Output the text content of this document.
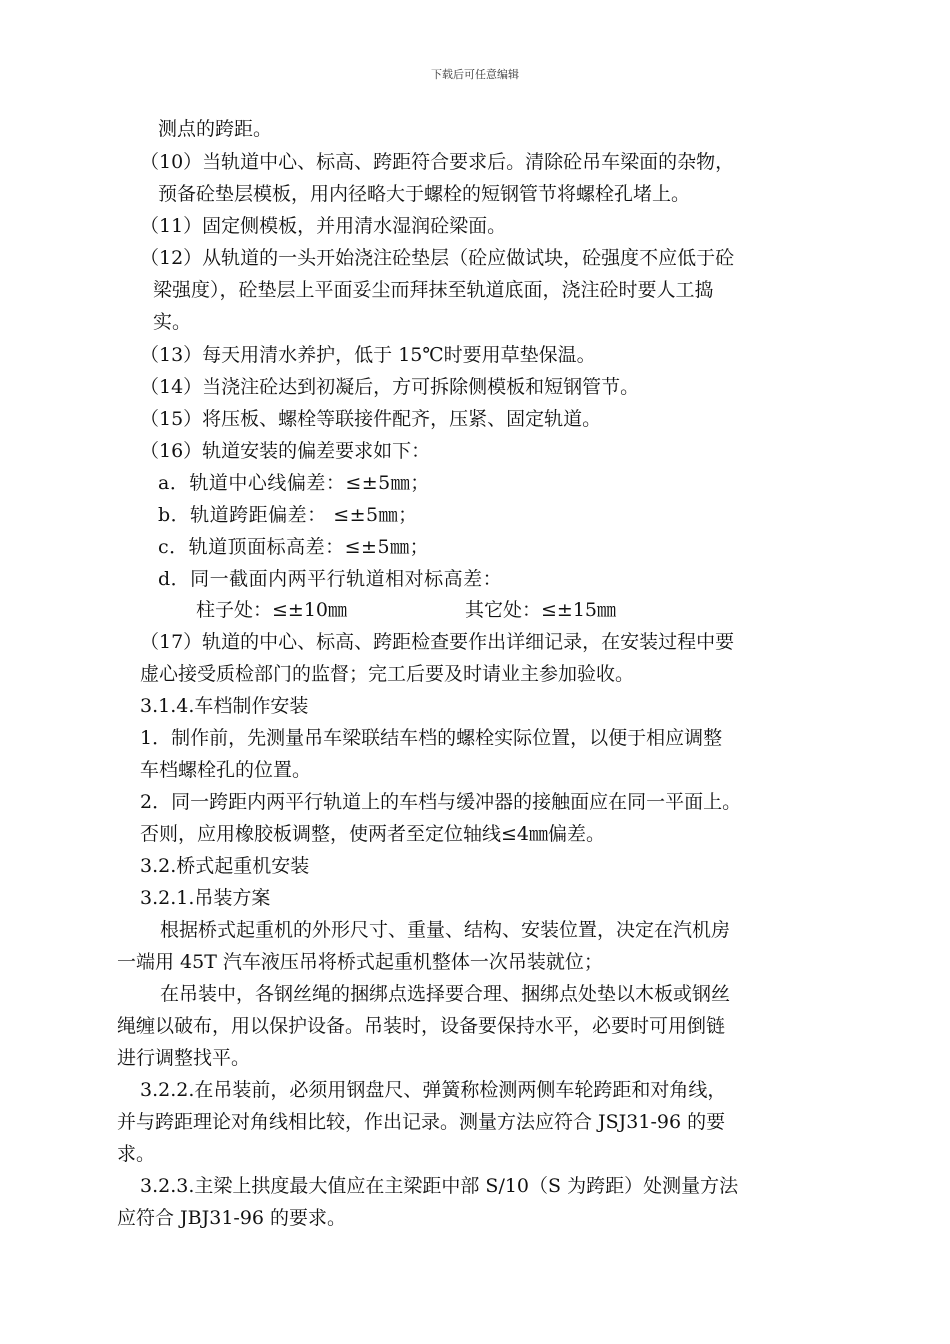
下载后可任意编辑
测点的跨距。
（10）当轨道中心、标高、跨距符合要求后。清除砼吊车梁面的杂物，
预备砼垫层模板，用内径略大于螺栓的短钢管节将螺栓孔堵上。
（11）固定侧模板，并用清水湿润砼梁面。
（12）从轨道的一头开始浇注砼垫层（砼应做试块，砼强度不应低于砼
梁强度），砼垫层上平面妥尘而拜抹至轨道底面，浇注砼时要人工捣
实。
（13）每天用清水养护，低于 15℃时要用草垫保温。
（14）当浇注砼达到初凝后，方可拆除侧模板和短钢管节。
（15）将压板、螺栓等联接件配齐，压紧、固定轨道。
（16）轨道安装的偏差要求如下：
a．轨道中心线偏差：≤±5㎜；
b．轨道跨距偏差： ≤±5㎜；
c．轨道顶面标高差：≤±5㎜；
d．同一截面内两平行轨道相对标高差：
柱子处：≤±10㎜	其它处：≤±15㎜
（17）轨道的中心、标高、跨距检查要作出详细记录，在安装过程中要
虚心接受质检部门的监督；完工后要及时请业主参加验收。
3.1.4.车档制作安装
1．制作前，先测量吊车梁联结车档的螺栓实际位置，以便于相应调整
车档螺栓孔的位置。
2．同一跨距内两平行轨道上的车档与缓冲器的接触面应在同一平面上。
否则，应用橡胶板调整，使两者至定位轴线≤4㎜偏差。
3.2.桥式起重机安装
3.2.1.吊装方案
根据桥式起重机的外形尺寸、重量、结构、安装位置，决定在汽机房
一端用 45T 汽车液压吊将桥式起重机整体一次吊装就位；
在吊装中，各钢丝绳的捆绑点选择要合理、捆绑点处垫以木板或钢丝
绳缠以破布，用以保护设备。吊装时，设备要保持水平，必要时可用倒链
进行调整找平。
3.2.2.在吊装前，必须用钢盘尺、弹簧称检测两侧车轮跨距和对角线，
并与跨距理论对角线相比较，作出记录。测量方法应符合 JSJ31-96 的要
求。
3.2.3.主梁上拱度最大值应在主梁距中部 S/10（S 为跨距）处测量方法
应符合 JBJ31-96 的要求。
